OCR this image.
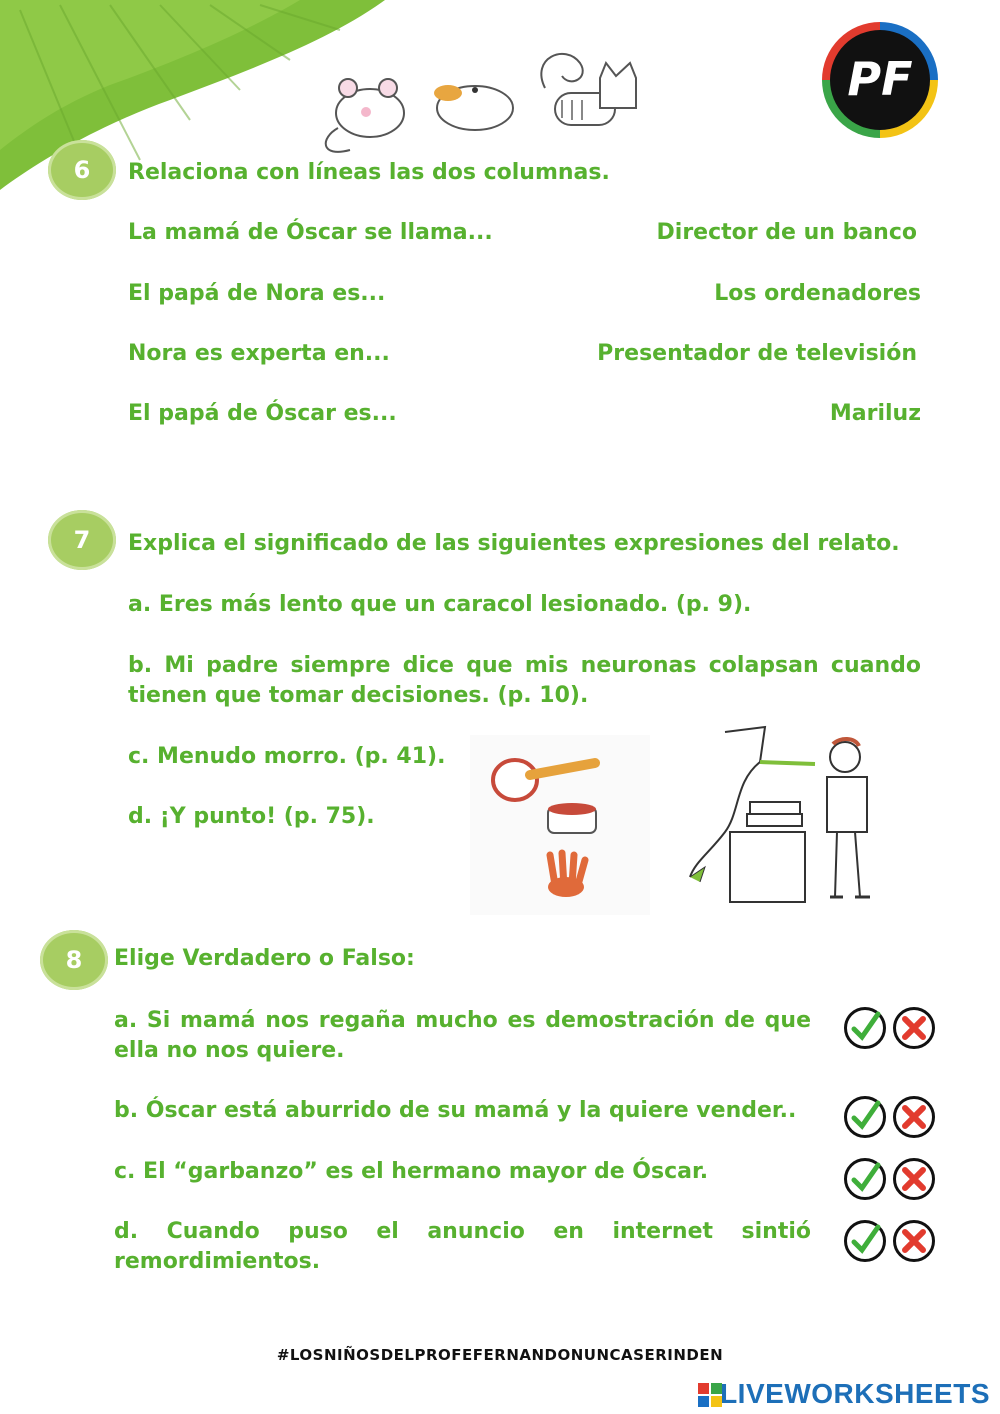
PF
6 Relaciona con líneas las dos columnas.
La mamá de Óscar se llama...
El papá de Nora es...
Nora es experta en...
El papá de Óscar es...
Director de un banco
Los ordenadores
Presentador de televisión
Mariluz
7 Explica el significado de las siguientes expresiones del relato.
a. Eres más lento que un caracol lesionado. (p. 9).
b. Mi padre siempre dice que mis neuronas colapsan cuando tienen que tomar decisiones. (p. 10).
c. Menudo morro. (p. 41).
d. ¡Y punto! (p. 75).
8 Elige Verdadero o Falso:
a. Si mamá nos regaña mucho es demostración de que ella no nos quiere.
b. Óscar está aburrido de su mamá y la quiere vender..
c. El “garbanzo” es el hermano mayor de Óscar.
d. Cuando puso el anuncio en internet sintió remordimientos.
#LOSNIÑOSDELPROFEFERNANDONUNCASERINDEN
LIVEWORKSHEETS
